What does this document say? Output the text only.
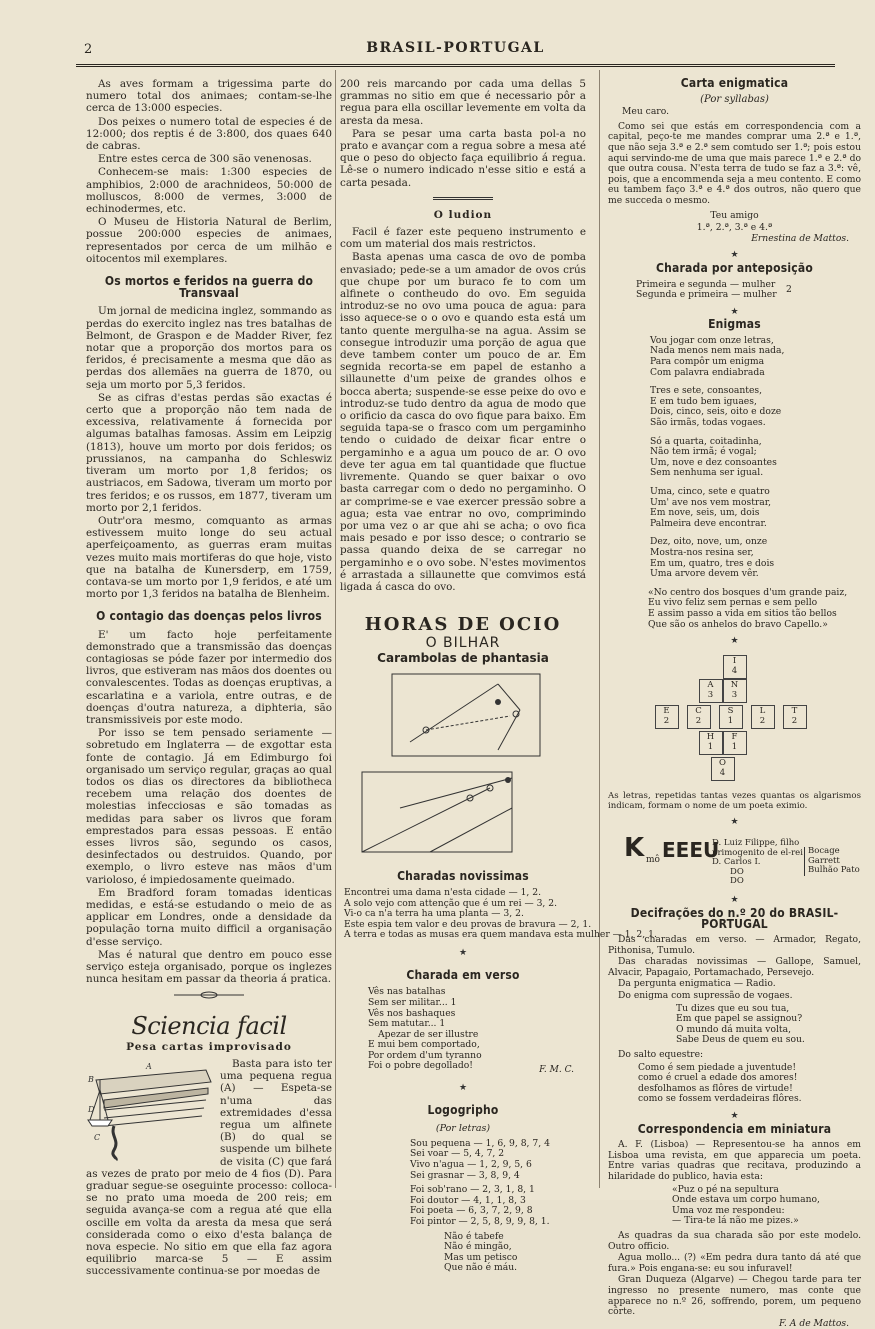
2	BRASIL-PORTUGAL

As aves formam a trigessima parte do numero total dos animaes; contam-se-lhe cerca de 13:000 especies.

Dos peixes o numero total de especies é de 12:000; dos reptis é de 3:800, dos quaes 640 de cabras.

Entre estes cerca de 300 são venenosas.

Conhecem-se mais: 1:300 especies de amphibios, 2:000 de arachnideos, 50:000 de molluscos, 8:000 de vermes, 3:000 de echinodermes, etc.

O Museu de Historia Natural de Berlim, possue 200:000 especies de animaes, representados por cerca de um milhão e oitocentos mil exemplares.

Os mortos e feridos na guerra do Transvaal

Um jornal de medicina inglez, sommando as perdas do exercito inglez nas tres batalhas de Belmont, de Graspon e de Madder River, fez notar que a proporção dos mortos para os feridos, é precisamente a mesma que dão as perdas dos allemães na guerra de 1870, ou seja um morto por 5,3 feridos.

Se as cifras d'estas perdas são exactas é certo que a proporção não tem nada de excessiva, relativamente á fornecida por algumas batalhas famosas. Assim em Leipzig (1813), houve um morto por dois feridos; os prussianos, na campanha do Schleswiz tiveram um morto por 1,8 feridos; os austriacos, em Sadowa, tiveram um morto por tres feridos; e os russos, em 1877, tiveram um morto por 2,1 feridos.

Outr'ora mesmo, comquanto as armas estivessem muito longe do seu actual aperfeiçoamento, as guerras eram muitas vezes muito mais mortiferas do que hoje, visto que na batalha de Kunersderp, em 1759, contava-se um morto por 1,9 feridos, e até um morto por 1,3 feridos na batalha de Blenheim.

O contagio das doenças pelos livros

E' um facto hoje perfeitamente demonstrado que a transmissão das doenças contagiosas se póde fazer por intermedio dos livros, que estiveram nas mãos dos doentes ou convalescentes. Todas as doenças eruptivas, a escarlatina e a variola, entre outras, e de doenças d'outra natureza, a diphteria, são transmissiveis por este modo.

Por isso se tem pensado seriamente — sobretudo em Inglaterra — de exgottar esta fonte de contagio. Já em Edimburgo foi organisado um serviço regular, graças ao qual todos os dias os directores da bibliotheca recebem uma relação dos doentes de molestias infecciosas e são tomadas as medidas para saber os livros que foram emprestados para essas pessoas. E então esses livros são, segundo os casos, desinfectados ou destruidos. Quando, por exemplo, o livro esteve nas mãos d'um varioloso, é impiedosamente queimado.

Em Bradford foram tomadas identicas medidas, e está-se estudando o meio de as applicar em Londres, onde a densidade da população torna muito difficil a organisação d'esse serviço.

Mas é natural que dentro em pouco esse serviço esteja organisado, porque os inglezes nunca hesitam em passar da theoria á pratica.

Sciencia facil
Pesa cartas improvisado
A
B
D
C

Basta para isto ter uma pequena regua (A) — Espeta-se n'uma das extremidades d'essa regua um alfinete (B) do qual se suspende um bilhete de visita (C) que fará as vezes de prato por meio de 4 fios (D). Para graduar segue-se oseguinte processo: colloca-se no prato uma moeda de 200 reis; em seguida avança-se com a regua até que ella oscille em volta da aresta da mesa que será considerada como o eixo d'esta balança de nova especie. No sitio em que ella faz agora equilibrio marca-se 5 — E assim successivamente continua-se por moedas de

200 reis marcando por cada uma dellas 5 grammas no sitio em que é necessario pôr a regua para ella oscillar levemente em volta da aresta da mesa.

Para se pesar uma carta basta pol-a no prato e avançar com a regua sobre a mesa até que o peso do objecto faça equilibrio á regua. Lê-se o numero indicado n'esse sitio e está a carta pesada.

O ludion

Facil é fazer este pequeno instrumento e com um material dos mais restrictos.

Basta apenas uma casca de ovo de pomba envasiado; pede-se a um amador de ovos crús que chupe por um buraco fe to com um alfinete o contheudo do ovo. Em seguida introduz-se no ovo uma pouca de agua: para isso aquece-se o o ovo e quando esta está um tanto quente mergulha-se na agua. Assim se consegue introduzir uma porção de agua que deve tambem conter um pouco de ar. Em segnida recorta-se em papel de estanho a sillaunette d'um peixe de grandes olhos e bocca aberta; suspende-se esse peixe do ovo e introduz-se tudo dentro da agua de modo que o orificio da casca do ovo fique para baixo. Em seguida tapa-se o frasco com um pergaminho tendo o cuidado de deixar ficar entre o pergaminho e a agua um pouco de ar. O ovo deve ter agua em tal quantidade que fluctue livremente. Quando se quer baixar o ovo basta carregar com o dedo no pergaminho. O ar comprime-se e vae exercer pressão sobre a agua; esta vae entrar no ovo, comprimindo por uma vez o ar que ahi se acha; o ovo fica mais pesado e por isso desce; o contrario se passa quando deixa de se carregar no pergaminho e o ovo sobe. N'estes movimentos é arrastada a sillaunette que comvimos está ligada á casca do ovo.

HORAS DE OCIO
O BILHAR
Carambolas de phantasia
Charadas novissimas
Encontrei uma dama n'esta cidade — 1, 2.
A solo vejo com attenção que é um rei — 3, 2.
Vi-o ca n'a terra ha uma planta — 3, 2.
Este espia tem valor e deu provas de bravura — 2, 1.
A terra e todas as musas era quem mandava esta mulher — 1, 2, 1.
★
Charada em verso
Vês nas batalhas
Sem ser militar... 1
Vês nos bashaques
Sem matutar... 1
Apezar de ser illustre
E mui bem comportado,
Por ordem d'um tyranno
Foi o pobre degollado!	F. M. C.
★
Logogripho
(Por letras)
Sou pequena — 1, 6, 9, 8, 7, 4
Sei voar — 5, 4, 7, 2
Vivo n'agua — 1, 2, 9, 5, 6
Sei grasnar — 3, 8, 9, 4
Foi sob'rano — 2, 3, 1, 8, 1
Foi doutor — 4, 1, 1, 8, 3
Foi poeta — 6, 3, 7, 2, 9, 8
Foi pintor — 2, 5, 8, 9, 9, 8, 1.
Não é tabefe
Não é mingão,
Mas um petisco
Que não é máu.
Carta enigmatica
(Por syllabas)
Meu caro.

Como sei que estás em correspondencia com a capital, peço-te me mandes comprar uma 2.ª e 1.ª, que não seja 3.ª e 2.ª sem comtudo ser 1.ª; pois estou aqui servindo-me de uma que mais parece 1.ª e 2.ª do que outra cousa. N'esta terra de tudo se faz a 3.ª: vê, pois, que a encommenda seja a meu contento. E como eu tambem faço 3.ª e 4.ª dos outros, não quero que me succeda o mesmo.

Teu amigo
1.ª, 2.ª, 3.ª e 4.ª
Ernestina de Mattos.
★
Charada por anteposição
Primeira e segunda — mulher
Segunda e primeira — mulher
2
★
Enigmas
Vou jogar com onze letras,
Nada menos nem mais nada,
Para compôr um enigma
Com palavra endiabrada
Tres e sete, consoantes,
E em tudo bem iguaes,
Dois, cinco, seis, oito e doze
São irmãs, todas vogaes.
Só a quarta, coitadinha,
Não tem irmã; é vogal;
Um, nove e dez consoantes
Sem nenhuma ser igual.
Uma, cinco, sete e quatro
Um' ave nos vem mostrar,
Em nove, seis, um, dois
Palmeira deve encontrar.
Dez, oito, nove, um, onze
Mostra-nos resina ser,
Em um, quatro, tres e dois
Uma arvore devem vêr.
«No centro dos bosques d'um grande paiz,
Eu vivo feliz sem pernas e sem pello
E assim passo a vida em sitios tão bellos
Que são os anhelos do bravo Capello.»
★
I
4
A
3
N
3
E
2
C
2
S
1
L
2
T
2
H
1
F
1
O
4
As letras, repetidas tantas vezes quantas os algarismos indicam, formam o nome de um poeta eximio.
★
K mô EEEU
D. Luiz Filippe, filho
primogenito de el-rei
D. Carlos I.
DO
DO
Bocage
Garrett
Bulhão Pato
★
Decifrações do n.º 20 do BRASIL-PORTUGAL

Das charadas em verso. — Armador, Regato, Pithonisa, Tumulo.

Das charadas novissimas — Gallope, Samuel, Alvacir, Papagaio, Portamachado, Persevejo.

Da pergunta enigmatica — Radio.

Do enigma com supressão de vogaes.

Tu dizes que eu sou tua,
Em que papel se assignou?
O mundo dá muita volta,
Sabe Deus de quem eu sou.

Do salto equestre:

Como é sem piedade a juventude!
como é cruel a edade dos amores!
desfolhamos as flôres de virtude!
como se fossem verdadeiras flôres.
★
Correspondencia em miniatura

A. F. (Lisboa) — Representou-se ha annos em Lisboa uma revista, em que apparecia um poeta. Entre varias quadras que recitava, produzindo a hilaridade do publico, havia esta:

«Puz o pé na sepultura
Onde estava um corpo humano,
Uma voz me respondeu:
— Tira-te lá não me pizes.»

As quadras da sua charada são por este modelo. Outro officio.

Agua mollo... (?) «Em pedra dura tanto dá até que fura.» Pois engana-se: eu sou infuravel!

Gran Duqueza (Algarve) — Chegou tarde para ter ingresso no presente numero, mas conte que apparece no n.º 26, soffrendo, porem, um pequeno côrte.

F. A de Mattos.
